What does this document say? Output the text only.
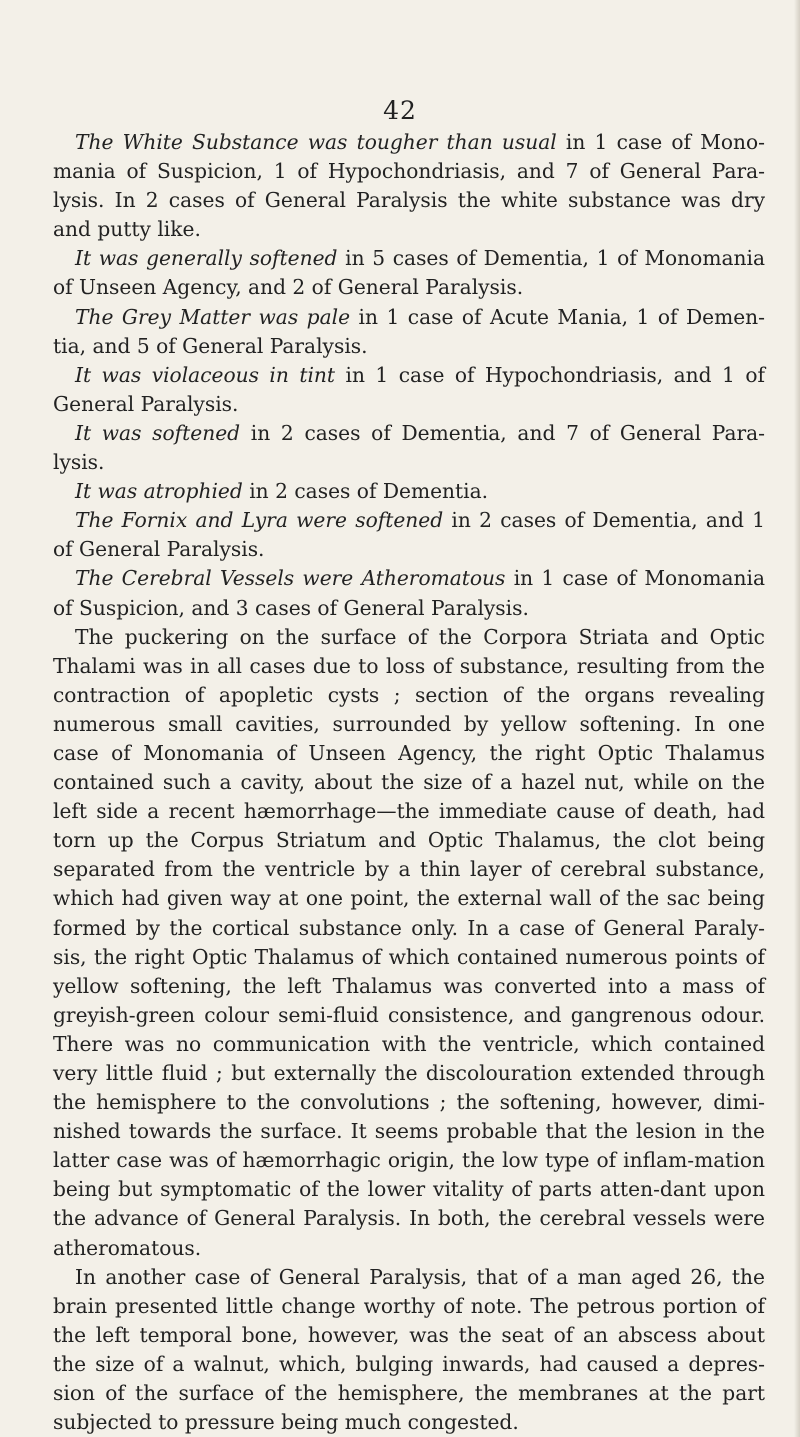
42

The White Substance was tougher than usual in 1 case of Mono-mania of Suspicion, 1 of Hypochondriasis, and 7 of General Para-lysis. In 2 cases of General Paralysis the white substance was dry and putty like.

It was generally softened in 5 cases of Dementia, 1 of Monomania of Unseen Agency, and 2 of General Paralysis.

The Grey Matter was pale in 1 case of Acute Mania, 1 of Demen-tia, and 5 of General Paralysis.

It was violaceous in tint in 1 case of Hypochondriasis, and 1 of General Paralysis.

It was softened in 2 cases of Dementia, and 7 of General Para-lysis.

It was atrophied in 2 cases of Dementia.

The Fornix and Lyra were softened in 2 cases of Dementia, and 1 of General Paralysis.

The Cerebral Vessels were Atheromatous in 1 case of Monomania of Suspicion, and 3 cases of General Paralysis.

The puckering on the surface of the Corpora Striata and Optic Thalami was in all cases due to loss of substance, resulting from the contraction of apopletic cysts ; section of the organs revealing numerous small cavities, surrounded by yellow softening. In one case of Monomania of Unseen Agency, the right Optic Thalamus contained such a cavity, about the size of a hazel nut, while on the left side a recent hæmorrhage—the immediate cause of death, had torn up the Corpus Striatum and Optic Thalamus, the clot being separated from the ventricle by a thin layer of cerebral substance, which had given way at one point, the external wall of the sac being formed by the cortical substance only. In a case of General Paraly-sis, the right Optic Thalamus of which contained numerous points of yellow softening, the left Thalamus was converted into a mass of greyish-green colour semi-fluid consistence, and gangrenous odour. There was no communication with the ventricle, which contained very little fluid ; but externally the discolouration extended through the hemisphere to the convolutions ; the softening, however, dimi-nished towards the surface. It seems probable that the lesion in the latter case was of hæmorrhagic origin, the low type of inflam-mation being but symptomatic of the lower vitality of parts atten-dant upon the advance of General Paralysis. In both, the cerebral vessels were atheromatous.

In another case of General Paralysis, that of a man aged 26, the brain presented little change worthy of note. The petrous portion of the left temporal bone, however, was the seat of an abscess about the size of a walnut, which, bulging inwards, had caused a depres-sion of the surface of the hemisphere, the membranes at the part subjected to pressure being much congested.
